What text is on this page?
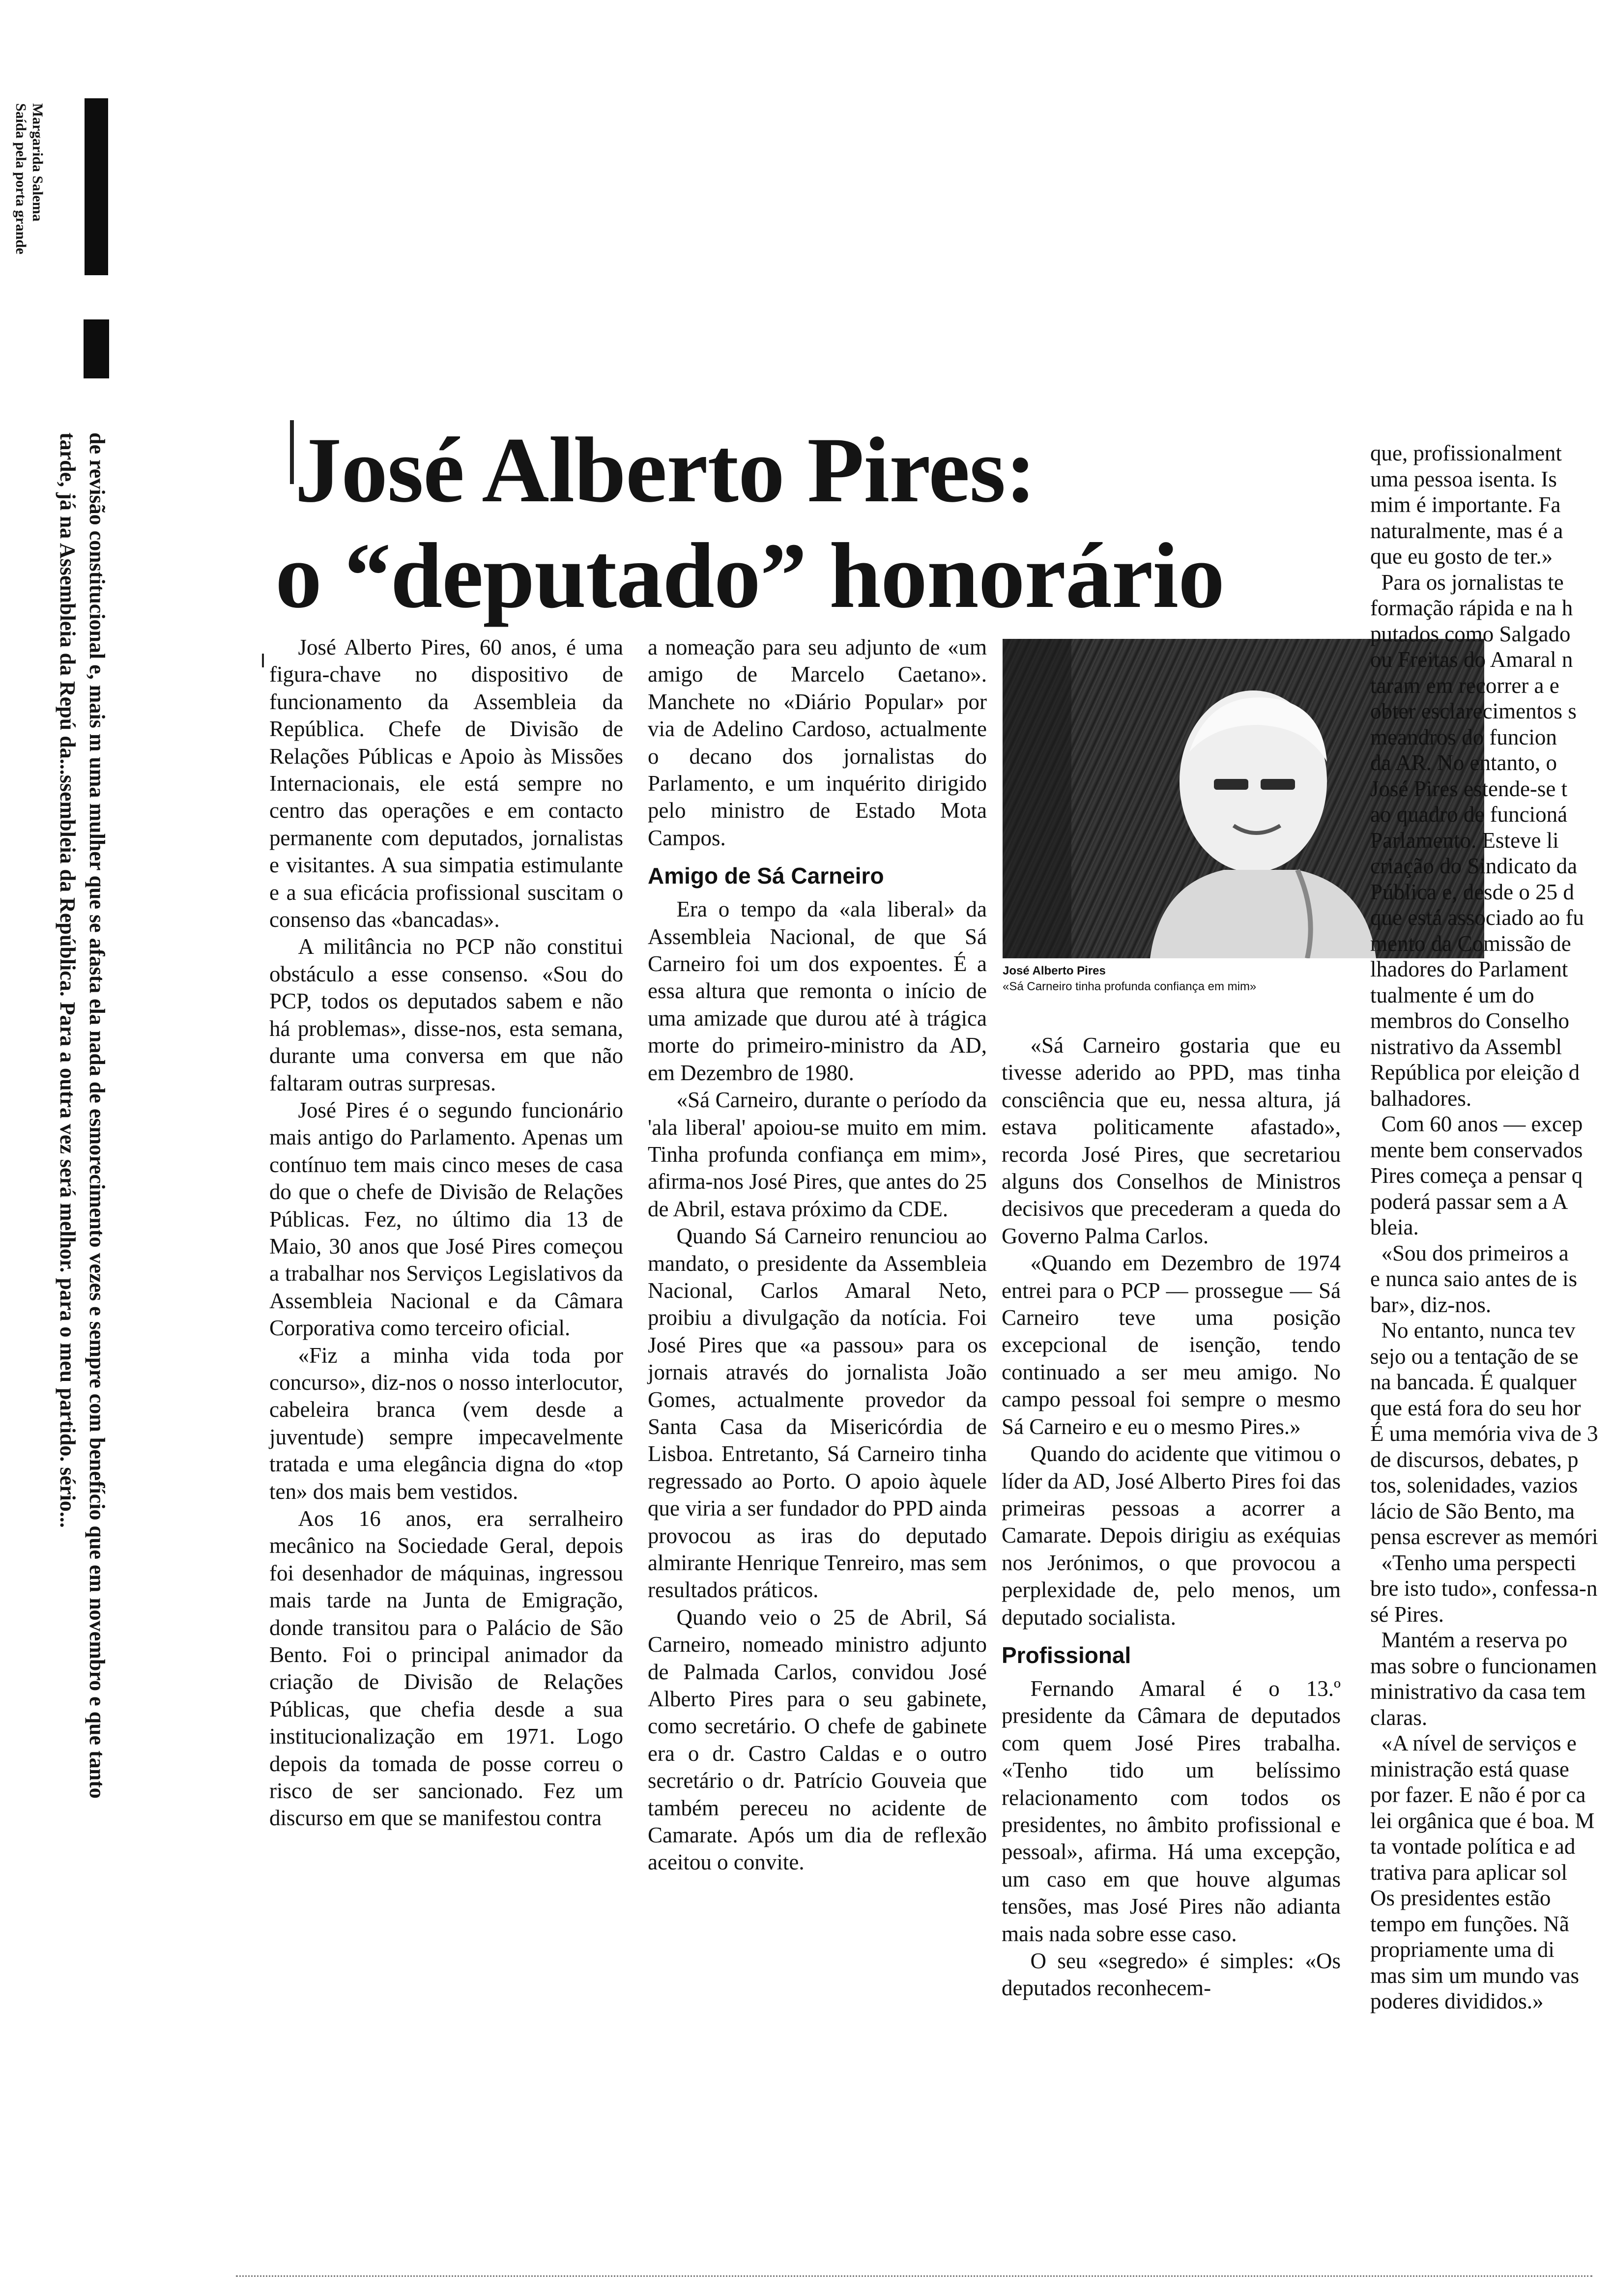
Margarida Salema
Saída pela porta grande
de revisão constitucional e, mais m uma mulher que se afasta ela nada de esmorecimento vezes e sempre com benefício que em novembro e que tanto
tarde, já na Assembleia da Repú da...ssembleia da República. Para a outra vez será melhor. para o meu partido. sério... José Alberto Pires:
o “deputado” honorário

José Alberto Pires, 60 anos, é uma figura-chave no dispositivo de funcionamento da Assembleia da República. Chefe de Divisão de Relações Públicas e Apoio às Missões Internacionais, ele está sempre no centro das operações e em contacto permanente com deputados, jornalistas e visitantes. A sua simpatia estimulante e a sua eficácia profissional suscitam o consenso das «bancadas».

A militância no PCP não constitui obstáculo a esse consenso. «Sou do PCP, todos os deputados sabem e não há problemas», disse-nos, esta semana, durante uma conversa em que não faltaram outras surpresas.

José Pires é o segundo funcionário mais antigo do Parlamento. Apenas um contínuo tem mais cinco meses de casa do que o chefe de Divisão de Relações Públicas. Fez, no último dia 13 de Maio, 30 anos que José Pires começou a trabalhar nos Serviços Legislativos da Assembleia Nacional e da Câmara Corporativa como terceiro oficial.

«Fiz a minha vida toda por concurso», diz-nos o nosso interlocutor, cabeleira branca (vem desde a juventude) sempre impecavelmente tratada e uma elegância digna do «top ten» dos mais bem vestidos.

Aos 16 anos, era serralheiro mecânico na Sociedade Geral, depois foi desenhador de máquinas, ingressou mais tarde na Junta de Emigração, donde transitou para o Palácio de São Bento. Foi o principal animador da criação de Divisão de Relações Públicas, que chefia desde a sua institucionalização em 1971. Logo depois da tomada de posse correu o risco de ser sancionado. Fez um discurso em que se manifestou contra

a nomeação para seu adjunto de «um amigo de Marcelo Caetano». Manchete no «Diário Popular» por via de Adelino Cardoso, actualmente o decano dos jornalistas do Parlamento, e um inquérito dirigido pelo ministro de Estado Mota Campos.

Amigo de Sá Carneiro

Era o tempo da «ala liberal» da Assembleia Nacional, de que Sá Carneiro foi um dos expoentes. É a essa altura que remonta o início de uma amizade que durou até à trágica morte do primeiro-ministro da AD, em Dezembro de 1980.

«Sá Carneiro, durante o período da 'ala liberal' apoiou-se muito em mim. Tinha profunda confiança em mim», afirma-nos José Pires, que antes do 25 de Abril, estava próximo da CDE.

Quando Sá Carneiro renunciou ao mandato, o presidente da Assembleia Nacional, Carlos Amaral Neto, proibiu a divulgação da notícia. Foi José Pires que «a passou» para os jornais através do jornalista João Gomes, actualmente provedor da Santa Casa da Misericórdia de Lisboa. Entretanto, Sá Carneiro tinha regressado ao Porto. O apoio àquele que viria a ser fundador do PPD ainda provocou as iras do deputado almirante Henrique Tenreiro, mas sem resultados práticos.

Quando veio o 25 de Abril, Sá Carneiro, nomeado ministro adjunto de Palmada Carlos, convidou José Alberto Pires para o seu gabinete, como secretário. O chefe de gabinete era o dr. Castro Caldas e o outro secretário o dr. Patrício Gouveia que também pereceu no acidente de Camarate. Após um dia de reflexão aceitou o convite.

José Alberto Pires
«Sá Carneiro tinha profunda confiança em mim»

«Sá Carneiro gostaria que eu tivesse aderido ao PPD, mas tinha consciência que eu, nessa altura, já estava politicamente afastado», recorda José Pires, que secretariou alguns dos Conselhos de Ministros decisivos que precederam a queda do Governo Palma Carlos.

«Quando em Dezembro de 1974 entrei para o PCP — prossegue — Sá Carneiro teve uma posição excepcional de isenção, tendo continuado a ser meu amigo. No campo pessoal foi sempre o mesmo Sá Carneiro e eu o mesmo Pires.»

Quando do acidente que vitimou o líder da AD, José Alberto Pires foi das primeiras pessoas a acorrer a Camarate. Depois dirigiu as exéquias nos Jerónimos, o que provocou a perplexidade de, pelo menos, um deputado socialista.

Profissional

Fernando Amaral é o 13.º presidente da Câmara de deputados com quem José Pires trabalha. «Tenho tido um belíssimo relacionamento com todos os presidentes, no âmbito profissional e pessoal», afirma. Há uma excepção, um caso em que houve algumas tensões, mas José Pires não adianta mais nada sobre esse caso.

O seu «segredo» é simples: «Os deputados reconhecem-

que, profissionalment
uma pessoa isenta. Is
mim é importante. Fa
naturalmente, mas é a
que eu gosto de ter.»
Para os jornalistas te
formação rápida e na h
putados como Salgado
ou Freitas do Amaral n
taram em recorrer a e
obter esclarecimentos s
meandros do funcion
da AR. No entanto, o
José Pires estende-se t
ao quadro de funcioná
Parlamento. Esteve li
criação do Sindicato da
Pública e, desde o 25 d
que está associado ao fu
mento da Comissão de
lhadores do Parlament
tualmente é um do
membros do Conselho
nistrativo da Assembl
República por eleição d
balhadores.
Com 60 anos — excep
mente bem conservados
Pires começa a pensar q
poderá passar sem a A
bleia.
«Sou dos primeiros a
e nunca saio antes de is
bar», diz-nos.
No entanto, nunca tev
sejo ou a tentação de se
na bancada. É qualquer
que está fora do seu hor
É uma memória viva de 3
de discursos, debates, p
tos, solenidades, vazios
lácio de São Bento, ma
pensa escrever as memóri
«Tenho uma perspecti
bre isto tudo», confessa-n
sé Pires.
Mantém a reserva po
mas sobre o funcionamen
ministrativo da casa tem
claras.
«A nível de serviços e
ministração está quase
por fazer. E não é por ca
lei orgânica que é boa. M
ta vontade política e ad
trativa para aplicar sol
Os presidentes estão
tempo em funções. Nã
propriamente uma di
mas sim um mundo vas
poderes divididos.»
